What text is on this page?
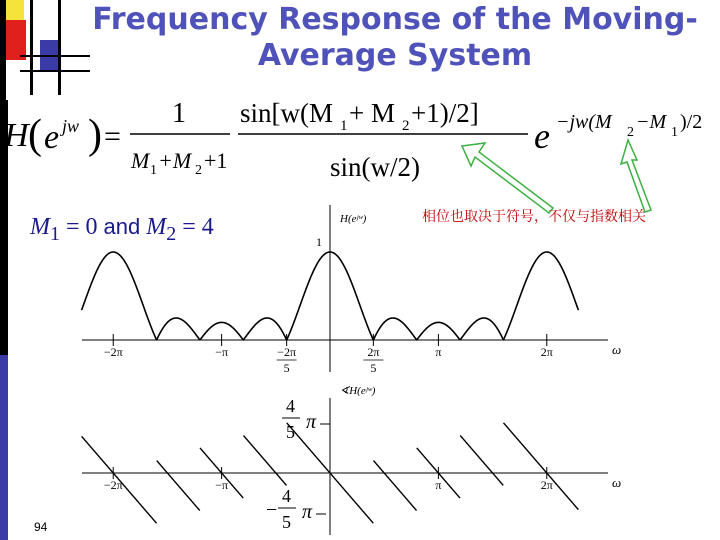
Frequency Response of the Moving-
Average System
H ( e jw ) =
1
M 1 +M 2 +1
sin[w(M 1 + M 2 +1)/2]
sin(w/2)
e −jw(M 2 −M 1 )/2
相位也取决于符号，不仅与指数相关
$M_1 = 0$ and $M_2 = 4$
−2π	−π	−2π
5
2π
5
π	2π
1
H(eʲʷ)
ω
−2π	−π	π	2π
∢H(eʲʷ)
ω
4
5 π
−
4
5 π
94
